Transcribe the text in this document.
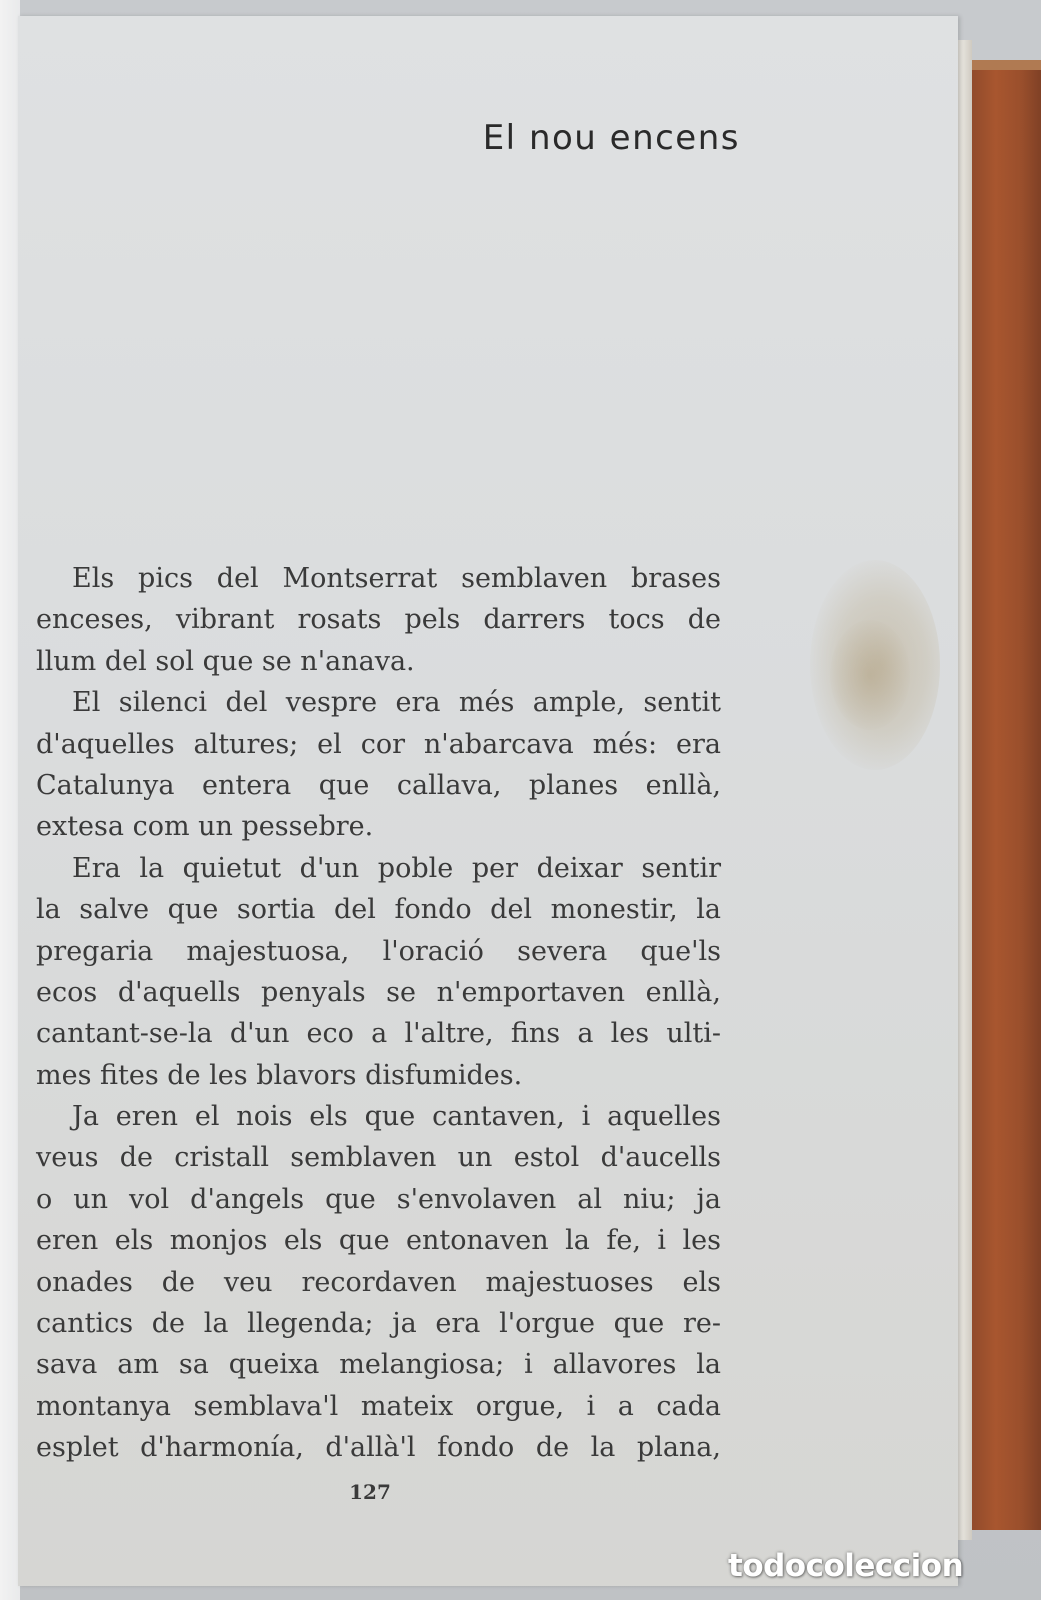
El nou encens
Els pics del Montserrat semblaven brases
enceses, vibrant rosats pels darrers tocs de
llum del sol que se n'anava.
El silenci del vespre era més ample, sentit
d'aquelles altures; el cor n'abarcava més: era
Catalunya entera que callava, planes enllà,
extesa com un pessebre.
Era la quietut d'un poble per deixar sentir
la salve que sortia del fondo del monestir, la
pregaria majestuosa, l'oració severa que'ls
ecos d'aquells penyals se n'emportaven enllà,
cantant-se-la d'un eco a l'altre, fins a les ulti-
mes fites de les blavors disfumides.
Ja eren el nois els que cantaven, i aquelles
veus de cristall semblaven un estol d'aucells
o un vol d'angels que s'envolaven al niu; ja
eren els monjos els que entonaven la fe, i les
onades de veu recordaven majestuoses els
cantics de la llegenda; ja era l'orgue que re-
sava am sa queixa melangiosa; i allavores la
montanya semblava'l mateix orgue, i a cada
esplet d'harmonía, d'allà'l fondo de la plana,
127
todocoleccion
